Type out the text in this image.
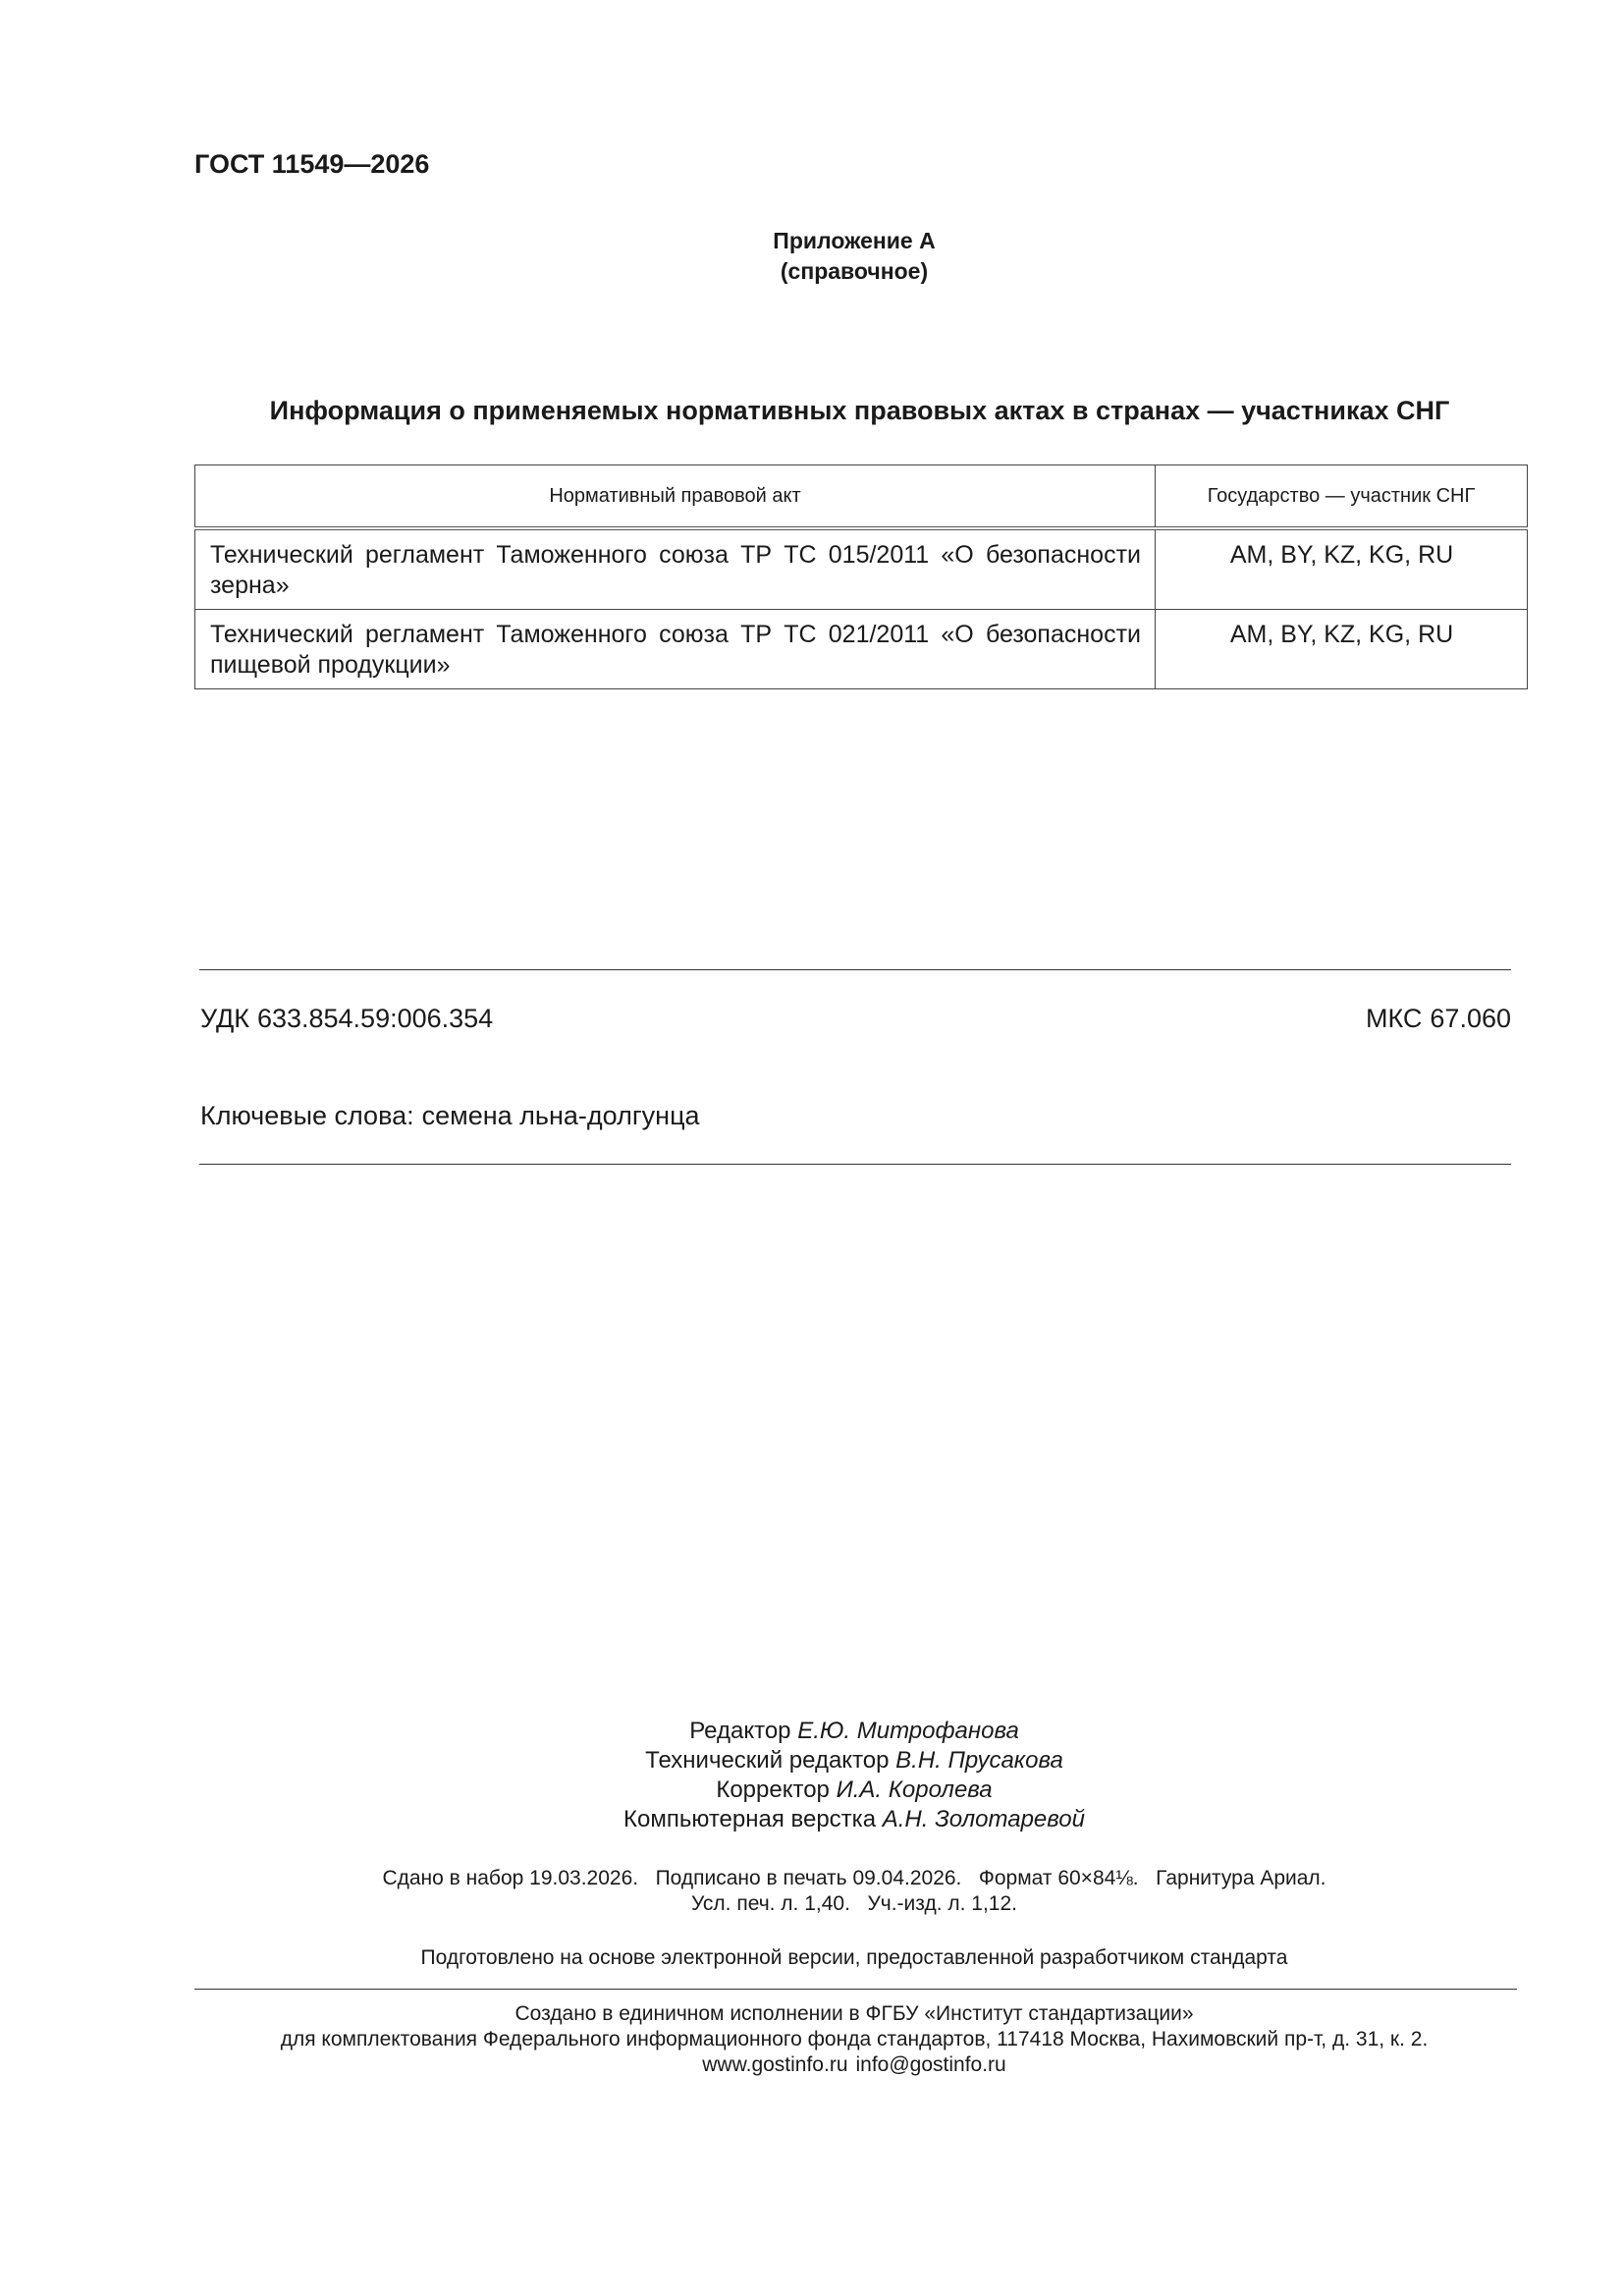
ГОСТ 11549—2026
Приложение А
(справочное)
Информация о применяемых нормативных правовых актах в странах — участниках СНГ
Нормативный правовой акт	Государство — участник СНГ
Технический регламент Таможенного союза ТР ТС 015/2011 «О безопасности зерна»	AM, BY, KZ, KG, RU
Технический регламент Таможенного союза ТР ТС 021/2011 «О безопасности пищевой продукции»	AM, BY, KZ, KG, RU
УДК 633.854.59:006.354	МКС 67.060
Ключевые слова: семена льна-долгунца
Редактор Е.Ю. Митрофанова
Технический редактор В.Н. Прусакова
Корректор И.А. Королева
Компьютерная верстка А.Н. Золотаревой
Сдано в набор 19.03.2026.   Подписано в печать 09.04.2026.   Формат 60×84⅛.   Гарнитура Ариал.
Усл. печ. л. 1,40.   Уч.-изд. л. 1,12.
Подготовлено на основе электронной версии, предоставленной разработчиком стандарта
Создано в единичном исполнении в ФГБУ «Институт стандартизации»
для комплектования Федерального информационного фонда стандартов, 117418 Москва, Нахимовский пр-т, д. 31, к. 2.
www.gostinfo.ru info@gostinfo.ru
